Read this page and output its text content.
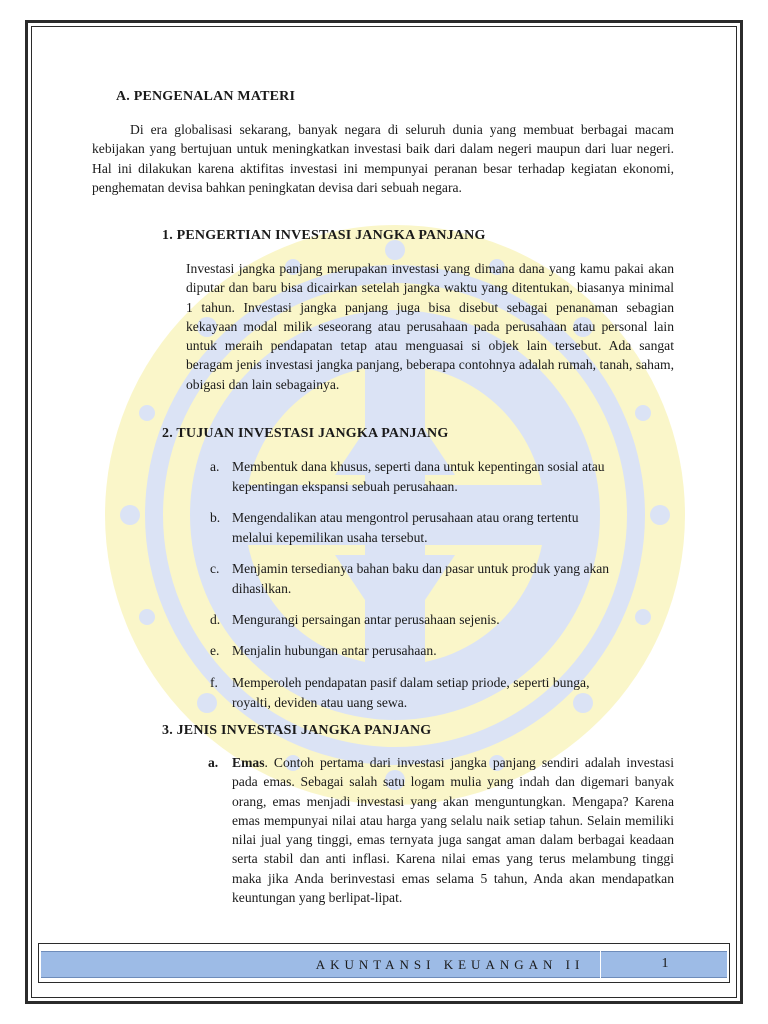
A. PENGENALAN MATERI

Di era globalisasi sekarang, banyak negara di seluruh dunia yang membuat berbagai macam kebijakan yang bertujuan untuk meningkatkan investasi baik dari dalam negeri maupun dari luar negeri. Hal ini dilakukan karena aktifitas investasi ini mempunyai peranan besar terhadap kegiatan ekonomi, penghematan devisa bahkan peningkatan devisa dari sebuah negara.

1. PENGERTIAN INVESTASI JANGKA PANJANG

Investasi jangka panjang merupakan investasi yang dimana dana yang kamu pakai akan diputar dan baru bisa dicairkan setelah jangka waktu yang ditentukan, biasanya minimal 1 tahun. Investasi jangka panjang juga bisa disebut sebagai penanaman sebagian kekayaan modal milik seseorang atau perusahaan pada perusahaan atau personal lain untuk meraih pendapatan tetap atau menguasai si objek lain tersebut. Ada sangat beragam jenis investasi jangka panjang, beberapa contohnya adalah rumah, tanah, saham, obigasi dan lain sebagainya.

2. TUJUAN INVESTASI JANGKA PANJANG
a. Membentuk dana khusus, seperti dana untuk kepentingan sosial atau
kepentingan ekspansi sebuah perusahaan.
b. Mengendalikan atau mengontrol perusahaan atau orang tertentu
melalui kepemilikan usaha tersebut.
c. Menjamin tersedianya bahan baku dan pasar untuk produk yang akan
dihasilkan.
d. Mengurangi persaingan antar perusahaan sejenis.
e. Menjalin hubungan antar perusahaan.
f. Memperoleh pendapatan pasif dalam setiap priode, seperti bunga,
royalti, deviden atau uang sewa.
3. JENIS INVESTASI JANGKA PANJANG
a. Emas. Contoh pertama dari investasi jangka panjang sendiri adalah investasi pada emas. Sebagai salah satu logam mulia yang indah dan digemari banyak orang, emas menjadi investasi yang akan menguntungkan. Mengapa? Karena emas mempunyai nilai atau harga yang selalu naik setiap tahun. Selain memiliki nilai jual yang tinggi, emas ternyata juga sangat aman dalam berbagai keadaan serta stabil dan anti inflasi. Karena nilai emas yang terus melambung tinggi maka jika Anda berinvestasi emas selama 5 tahun, Anda akan mendapatkan keuntungan yang berlipat-lipat.

AKUNTANSI KEUANGAN II	1
